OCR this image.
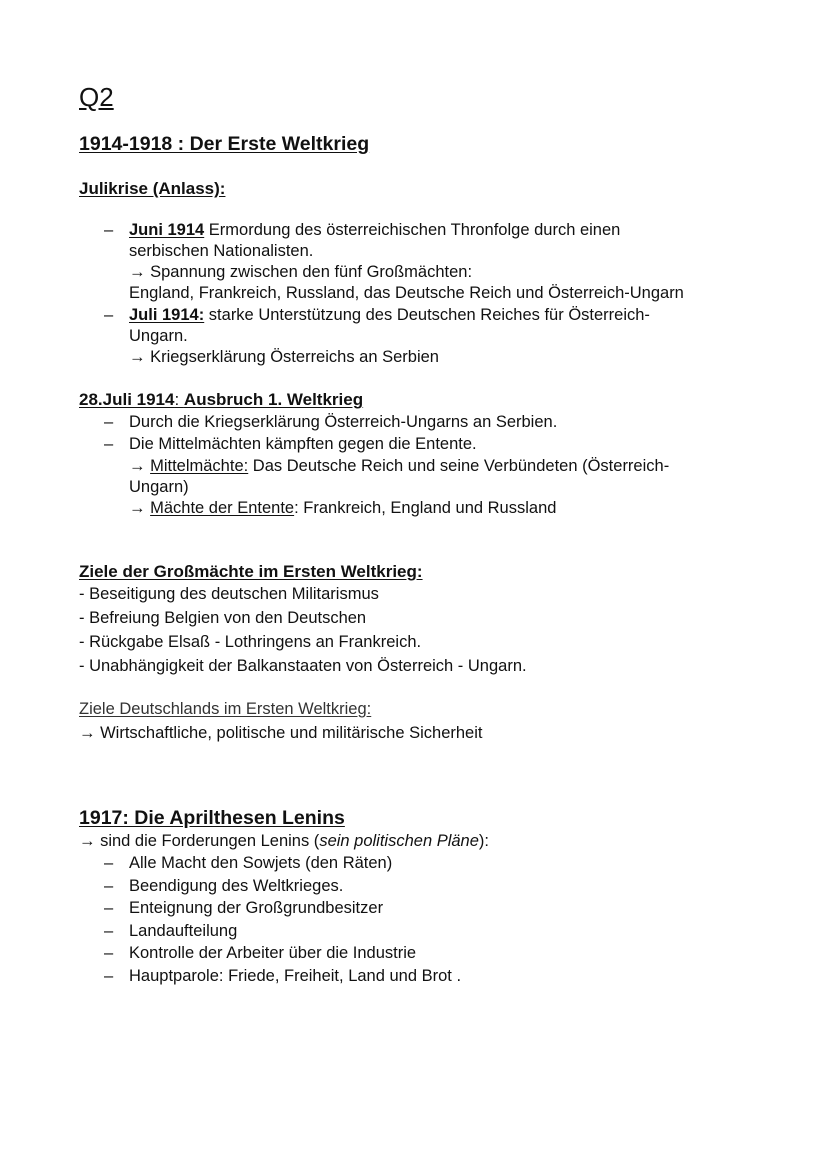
Q2
1914-1918 : Der Erste Weltkrieg
Julikrise (Anlass):
– Juni 1914 Ermordung des österreichischen Thronfolge durch einen
serbischen Nationalisten.
→ Spannung zwischen den fünf Großmächten:
England, Frankreich, Russland, das Deutsche Reich und Österreich-Ungarn
– Juli 1914: starke Unterstützung des Deutschen Reiches für Österreich-
Ungarn.
→ Kriegserklärung Österreichs an Serbien
28.Juli 1914: Ausbruch 1. Weltkrieg
– Durch die Kriegserklärung Österreich-Ungarns an Serbien.
– Die Mittelmächten kämpften gegen die Entente.
→ Mittelmächte: Das Deutsche Reich und seine Verbündeten (Österreich-
Ungarn)
→ Mächte der Entente: Frankreich, England und Russland
Ziele der Großmächte im Ersten Weltkrieg:
- Beseitigung des deutschen Militarismus
- Befreiung Belgien von den Deutschen
- Rückgabe Elsaß - Lothringens an Frankreich.
- Unabhängigkeit der Balkanstaaten von Österreich - Ungarn.
Ziele Deutschlands im Ersten Weltkrieg:
→ Wirtschaftliche, politische und militärische Sicherheit
1917: Die Aprilthesen Lenins
→ sind die Forderungen Lenins (sein politischen Pläne):
– Alle Macht den Sowjets (den Räten)
– Beendigung des Weltkrieges.
– Enteignung der Großgrundbesitzer
– Landaufteilung
– Kontrolle der Arbeiter über die Industrie
– Hauptparole: Friede, Freiheit, Land und Brot .
